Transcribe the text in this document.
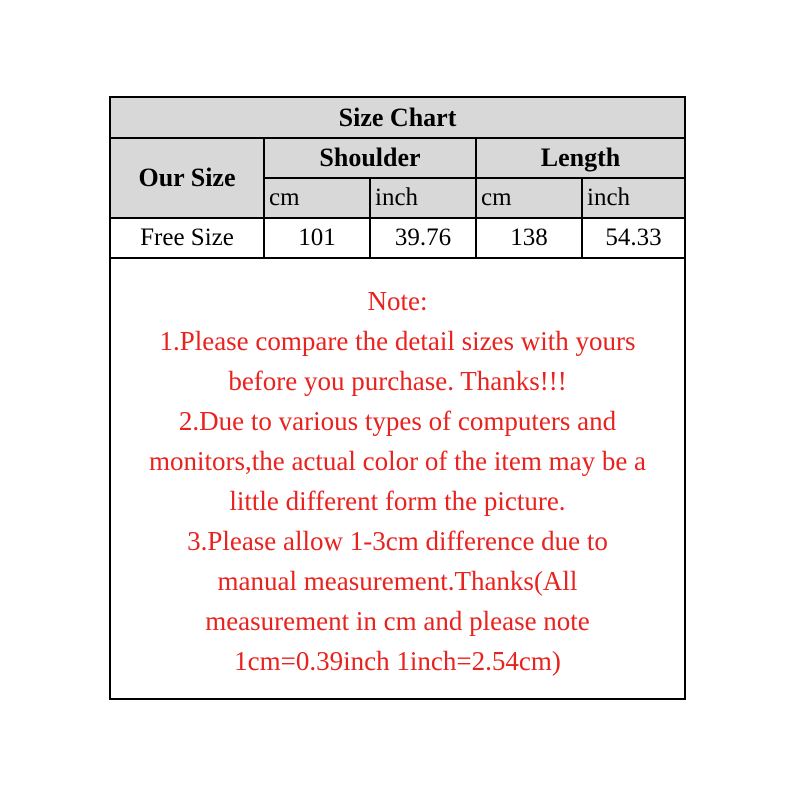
Size Chart				
Our Size	Shoulder		Length	
	cm	inch	cm	inch
Free Size	101	39.76	138	54.33
Note:
1.Please compare the detail sizes with yours
before you purchase. Thanks!!!
2.Due to various types of computers and
monitors,the actual color of the item may be a
little different form the picture.
3.Please allow 1-3cm difference due to
manual measurement.Thanks(All
measurement in cm and please note
1cm=0.39inch 1inch=2.54cm)
